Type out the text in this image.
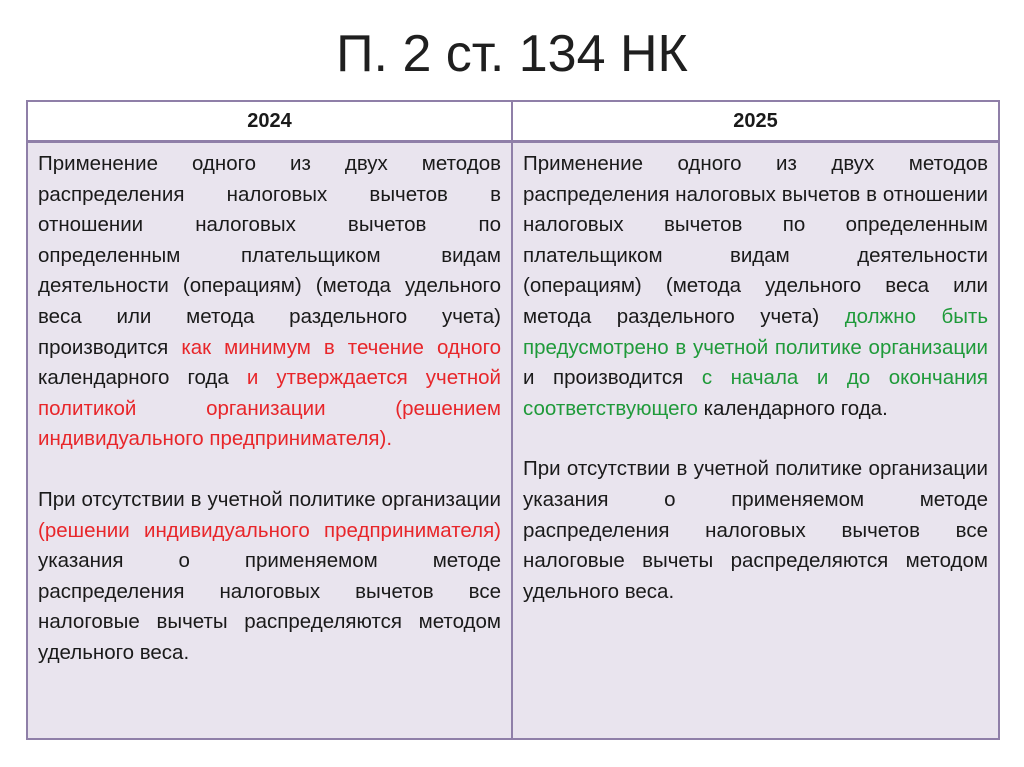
П. 2 ст. 134 НК
2024	2025

Применение одного из двух методов распределения налоговых вычетов в отношении налоговых вычетов по определенным плательщиком видам деятельности (операциям) (метода удельного веса или метода раздельного учета) производится как минимум в течение одного календарного года и утверждается учетной политикой организации (решением индивидуального предпринимателя).

При отсутствии в учетной политике организации (решении индивидуального предпринимателя) указания о применяемом методе распределения налоговых вычетов все налоговые вычеты распределяются методом удельного веса.

Применение одного из двух методов распределения налоговых вычетов в отношении налоговых вычетов по определенным плательщиком видам деятельности (операциям) (метода удельного веса или метода раздельного учета) должно быть предусмотрено в учетной политике организации и производится с начала и до окончания соответствующего календарного года.

При отсутствии в учетной политике организации указания о применяемом методе распределения налоговых вычетов все налоговые вычеты распределяются методом удельного веса.
